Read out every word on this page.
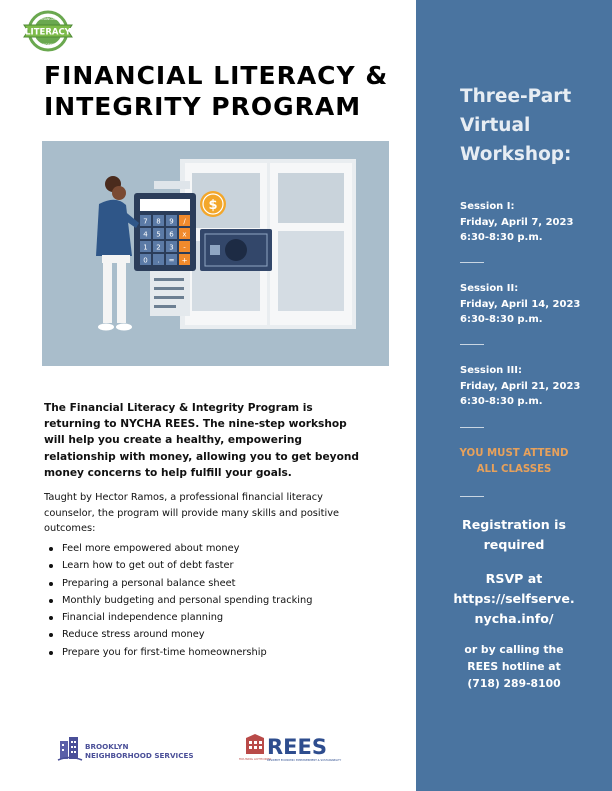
LITERACY
FINANCIAL
WORKS
FINANCIAL LITERACY & INTEGRITY PROGRAM
7 8 9 /
4 5 6 x
1 2 3 -
0 . = +
$

The Financial Literacy & Integrity Program is returning to NYCHA REES. The nine-step workshop will help you create a healthy, empowering relationship with money, allowing you to get beyond money concerns to help fulfill your goals.

Taught by Hector Ramos, a professional financial literacy counselor, the program will provide many skills and positive outcomes:

Feel more empowered about money
Learn how to get out of debt faster
Preparing a personal balance sheet
Monthly budgeting and personal spending tracking
Financial independence planning
Reduce stress around money
Prepare you for first-time homeownership
BROOKLYN
NEIGHBORHOOD SERVICES	HOUSING AUTHORITY
REES
RESIDENT ECONOMIC EMPOWERMENT & SUSTAINABILITY
Three-Part
Virtual
Workshop:
Session I:
Friday, April 7, 2023
6:30-8:30 p.m.
Session II:
Friday, April 14, 2023
6:30-8:30 p.m.
Session III:
Friday, April 21, 2023
6:30-8:30 p.m.
YOU MUST ATTEND
ALL CLASSES
Registration is
required
RSVP at
https://selfserve.
nycha.info/
or by calling the
REES hotline at
(718) 289-8100
